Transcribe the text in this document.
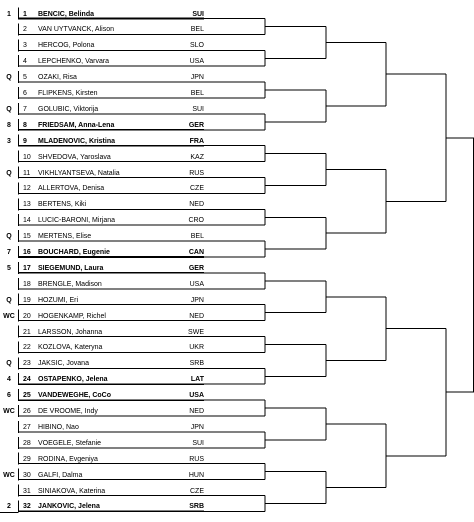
1	1 BENCIC, Belinda	SUI
2 VAN UYTVANCK, Alison	BEL
3 HERCOG, Polona	SLO
4 LEPCHENKO, Varvara	USA
Q	5 OZAKI, Risa	JPN
6 FLIPKENS, Kirsten	BEL
Q	7 GOLUBIC, Viktorija	SUI
8	8 FRIEDSAM, Anna-Lena	GER
3	9 MLADENOVIC, Kristina	FRA
10 SHVEDOVA, Yaroslava	KAZ
Q	11 VIKHLYANTSEVA, Natalia	RUS
12 ALLERTOVA, Denisa	CZE
13 BERTENS, Kiki	NED
14 LUCIC-BARONI, Mirjana	CRO
Q	15 MERTENS, Elise	BEL
7	16 BOUCHARD, Eugenie	CAN
5	17 SIEGEMUND, Laura	GER
18 BRENGLE, Madison	USA
Q	19 HOZUMI, Eri	JPN
WC	20 HOGENKAMP, Richel	NED
21 LARSSON, Johanna	SWE
22 KOZLOVA, Kateryna	UKR
Q	23 JAKSIC, Jovana	SRB
4	24 OSTAPENKO, Jelena	LAT
6	25 VANDEWEGHE, CoCo	USA
WC	26 DE VROOME, Indy	NED
27 HIBINO, Nao	JPN
28 VOEGELE, Stefanie	SUI
29 RODINA, Evgeniya	RUS
WC	30 GALFI, Dalma	HUN
31 SINIAKOVA, Katerina	CZE
2	32 JANKOVIC, Jelena	SRB
